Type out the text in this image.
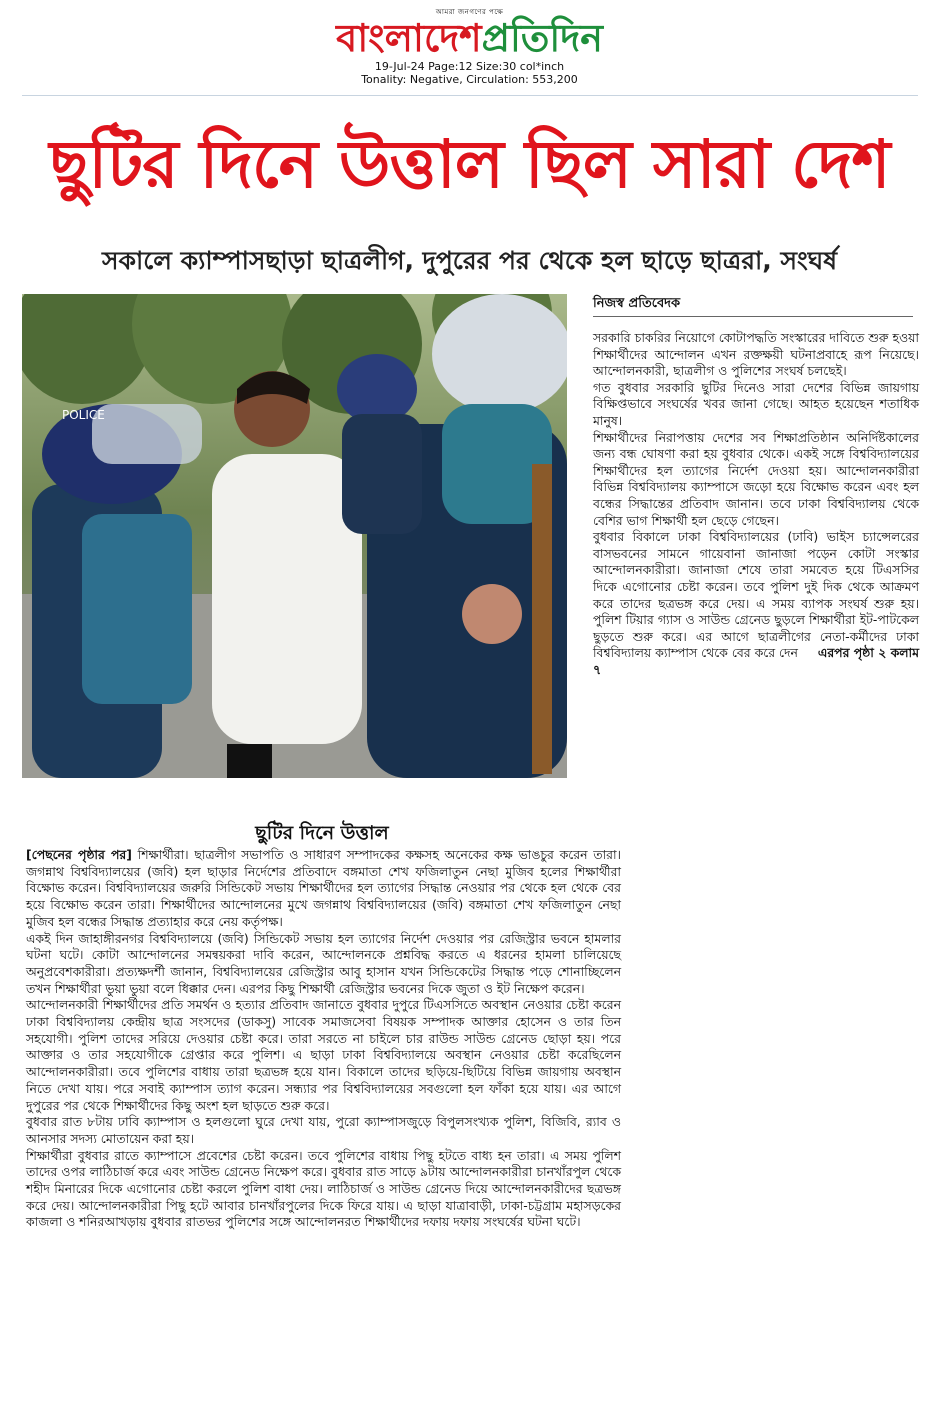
আমরা জনগণের পক্ষে
বাংলাদেশপ্রতিদিন
19-Jul-24 Page:12 Size:30 col*inch
Tonality: Negative, Circulation: 553,200
ছুটির দিনে উত্তাল ছিল সারা দেশ
সকালে ক্যাম্পাসছাড়া ছাত্রলীগ, দুপুরের পর থেকে হল ছাড়ে ছাত্ররা, সংঘর্ষ
POLICE
নিজস্ব প্রতিবেদক

সরকারি চাকরির নিয়োগে কোটাপদ্ধতি সংস্কারের দাবিতে শুরু হওয়া শিক্ষার্থীদের আন্দোলন এখন রক্তক্ষয়ী ঘটনাপ্রবাহে রূপ নিয়েছে। আন্দোলনকারী, ছাত্রলীগ ও পুলিশের সংঘর্ষ চলছেই।

গত বুধবার সরকারি ছুটির দিনেও সারা দেশের বিভিন্ন জায়গায় বিক্ষিপ্তভাবে সংঘর্ষের খবর জানা গেছে। আহত হয়েছেন শতাধিক মানুষ।

শিক্ষার্থীদের নিরাপত্তায় দেশের সব শিক্ষাপ্রতিষ্ঠান অনির্দিষ্টকালের জন্য বন্ধ ঘোষণা করা হয় বুধবার থেকে। একই সঙ্গে বিশ্ববিদ্যালয়ের শিক্ষার্থীদের হল ত্যাগের নির্দেশ দেওয়া হয়। আন্দোলনকারীরা বিভিন্ন বিশ্ববিদ্যালয় ক্যাম্পাসে জড়ো হয়ে বিক্ষোভ করেন এবং হল বন্ধের সিদ্ধান্তের প্রতিবাদ জানান। তবে ঢাকা বিশ্ববিদ্যালয় থেকে বেশির ভাগ শিক্ষার্থী হল ছেড়ে গেছেন।

বুধবার বিকালে ঢাকা বিশ্ববিদ্যালয়ের (ঢাবি) ভাইস চ্যান্সেলরের বাসভবনের সামনে গায়েবানা জানাজা পড়েন কোটা সংস্কার আন্দোলনকারীরা। জানাজা শেষে তারা সমবেত হয়ে টিএসসির দিকে এগোনোর চেষ্টা করেন। তবে পুলিশ দুই দিক থেকে আক্রমণ করে তাদের ছত্রভঙ্গ করে দেয়। এ সময় ব্যাপক সংঘর্ষ শুরু হয়। পুলিশ টিয়ার গ্যাস ও সাউন্ড গ্রেনেড ছুড়লে শিক্ষার্থীরা ইট-পাটকেল ছুড়তে শুরু করে। এর আগে ছাত্রলীগের নেতা-কর্মীদের ঢাকা বিশ্ববিদ্যালয় ক্যাম্পাস থেকে বের করে দেন এরপর পৃষ্ঠা ২ কলাম ৭

ছুটির দিনে উত্তাল

[পেছনের পৃষ্ঠার পর] শিক্ষার্থীরা। ছাত্রলীগ সভাপতি ও সাধারণ সম্পাদকের কক্ষসহ অনেকের কক্ষ ভাঙচুর করেন তারা। জগন্নাথ বিশ্ববিদ্যালয়ের (জবি) হল ছাড়ার নির্দেশের প্রতিবাদে বঙ্গমাতা শেখ ফজিলাতুন নেছা মুজিব হলের শিক্ষার্থীরা বিক্ষোভ করেন। বিশ্ববিদ্যালয়ের জরুরি সিন্ডিকেট সভায় শিক্ষার্থীদের হল ত্যাগের সিদ্ধান্ত নেওয়ার পর থেকে হল থেকে বের হয়ে বিক্ষোভ করেন তারা। শিক্ষার্থীদের আন্দোলনের মুখে জগন্নাথ বিশ্ববিদ্যালয়ের (জবি) বঙ্গমাতা শেখ ফজিলাতুন নেছা মুজিব হল বন্ধের সিদ্ধান্ত প্রত্যাহার করে নেয় কর্তৃপক্ষ।

একই দিন জাহাঙ্গীরনগর বিশ্ববিদ্যালয়ে (জবি) সিন্ডিকেট সভায় হল ত্যাগের নির্দেশ দেওয়ার পর রেজিস্ট্রার ভবনে হামলার ঘটনা ঘটে। কোটা আন্দোলনের সমন্বয়করা দাবি করেন, আন্দোলনকে প্রশ্নবিদ্ধ করতে এ ধরনের হামলা চালিয়েছে অনুপ্রবেশকারীরা। প্রত্যক্ষদর্শী জানান, বিশ্ববিদ্যালয়ের রেজিস্ট্রার আবু হাসান যখন সিন্ডিকেটের সিদ্ধান্ত পড়ে শোনাচ্ছিলেন তখন শিক্ষার্থীরা ভুয়া ভুয়া বলে ধিক্কার দেন। এরপর কিছু শিক্ষার্থী রেজিস্ট্রার ভবনের দিকে জুতা ও ইট নিক্ষেপ করেন।

আন্দোলনকারী শিক্ষার্থীদের প্রতি সমর্থন ও হত্যার প্রতিবাদ জানাতে বুধবার দুপুরে টিএসসিতে অবস্থান নেওয়ার চেষ্টা করেন ঢাকা বিশ্ববিদ্যালয় কেন্দ্রীয় ছাত্র সংসদের (ডাকসু) সাবেক সমাজসেবা বিষয়ক সম্পাদক আক্তার হোসেন ও তার তিন সহযোগী। পুলিশ তাদের সরিয়ে দেওয়ার চেষ্টা করে। তারা সরতে না চাইলে চার রাউন্ড সাউন্ড গ্রেনেড ছোড়া হয়। পরে আক্তার ও তার সহযোগীকে গ্রেপ্তার করে পুলিশ। এ ছাড়া ঢাকা বিশ্ববিদ্যালয়ে অবস্থান নেওয়ার চেষ্টা করেছিলেন আন্দোলনকারীরা। তবে পুলিশের বাধায় তারা ছত্রভঙ্গ হয়ে যান। বিকালে তাদের ছড়িয়ে-ছিটিয়ে বিভিন্ন জায়গায় অবস্থান নিতে দেখা যায়। পরে সবাই ক্যাম্পাস ত্যাগ করেন। সন্ধ্যার পর বিশ্ববিদ্যালয়ের সবগুলো হল ফাঁকা হয়ে যায়। এর আগে দুপুরের পর থেকে শিক্ষার্থীদের কিছু অংশ হল ছাড়তে শুরু করে।

বুধবার রাত ৮টায় ঢাবি ক্যাম্পাস ও হলগুলো ঘুরে দেখা যায়, পুরো ক্যাম্পাসজুড়ে বিপুলসংখ্যক পুলিশ, বিজিবি, র‍্যাব ও আনসার সদস্য মোতায়েন করা হয়।

শিক্ষার্থীরা বুধবার রাতে ক্যাম্পাসে প্রবেশের চেষ্টা করেন। তবে পুলিশের বাধায় পিছু হটতে বাধ্য হন তারা। এ সময় পুলিশ তাদের ওপর লাঠিচার্জ করে এবং সাউন্ড গ্রেনেড নিক্ষেপ করে। বুধবার রাত সাড়ে ৯টায় আন্দোলনকারীরা চানখাঁরপুল থেকে শহীদ মিনারের দিকে এগোনোর চেষ্টা করলে পুলিশ বাধা দেয়। লাঠিচার্জ ও সাউন্ড গ্রেনেড দিয়ে আন্দোলনকারীদের ছত্রভঙ্গ করে দেয়। আন্দোলনকারীরা পিছু হটে আবার চানখাঁরপুলের দিকে ফিরে যায়। এ ছাড়া যাত্রাবাড়ী, ঢাকা-চট্টগ্রাম মহাসড়কের কাজলা ও শনিরআখড়ায় বুধবার রাতভর পুলিশের সঙ্গে আন্দোলনরত শিক্ষার্থীদের দফায় দফায় সংঘর্ষের ঘটনা ঘটে।
